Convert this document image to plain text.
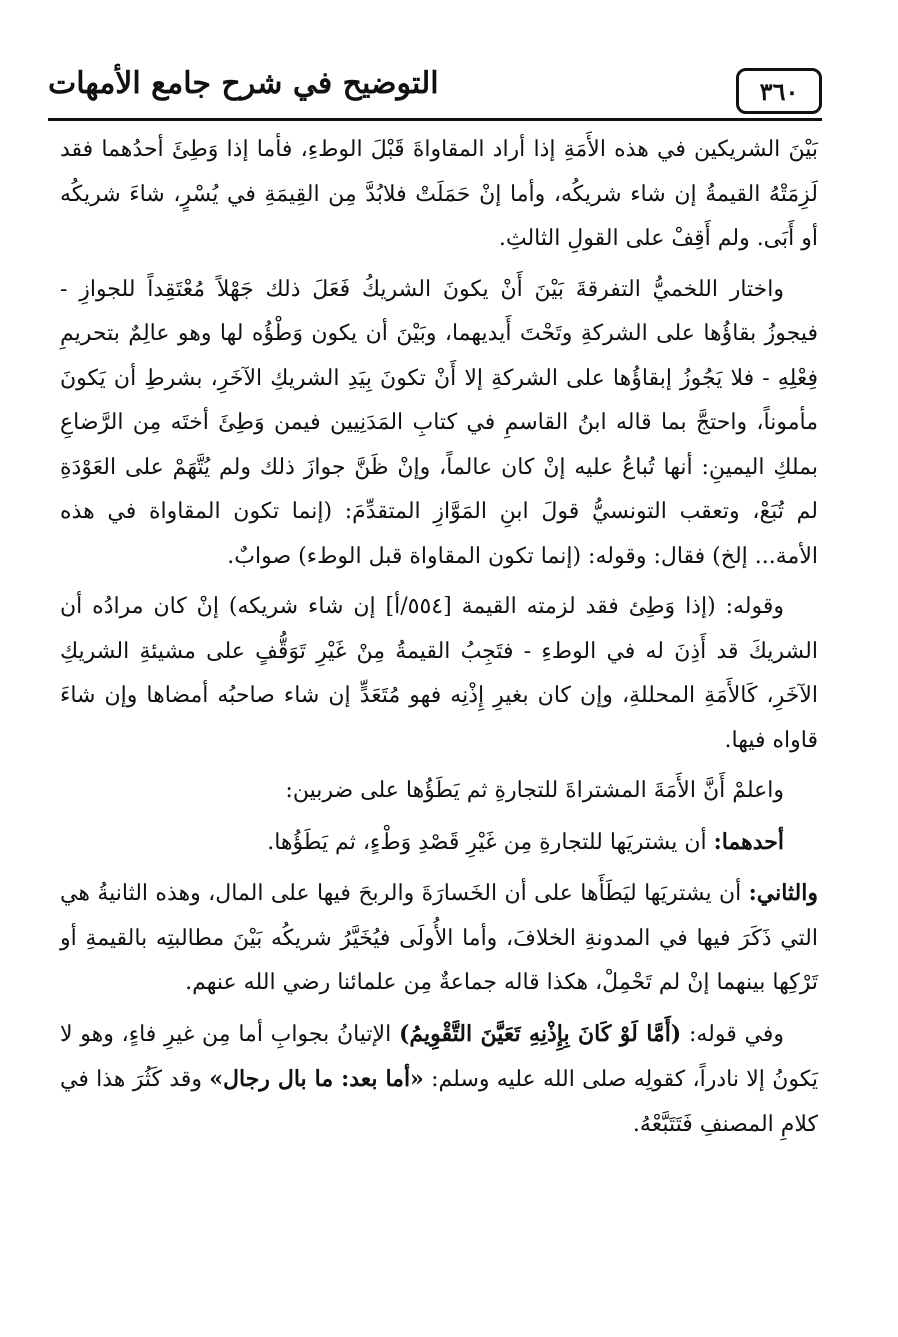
٣٦٠
التوضيح في شرح جامع الأمهات

بَيْنَ الشريكين في هذه الأَمَةِ إذا أراد المقاواةَ قَبْلَ الوطءِ، فأما إذا وَطِئَ أحدُهما فقد لَزِمَتْهُ القيمةُ إن شاء شريكُه، وأما إنْ حَمَلَتْ فلابُدَّ مِن القِيمَةِ في يُسْرٍ، شاءَ شريكُه أو أَبَى. ولم أَقِفْ على القولِ الثالثِ.

واختار اللخميُّ التفرقةَ بَيْنَ أَنْ يكونَ الشريكُ فَعَلَ ذلك جَهْلاً مُعْتَقِداً للجوازِ - فيجوزُ بقاؤُها على الشركةِ وتَحْتَ أَيديهما، وبَيْنَ أن يكون وَطْؤُه لها وهو عالِمٌ بتحريمِ فِعْلِهِ - فلا يَجُوزُ إبقاؤُها على الشركةِ إلا أَنْ تكونَ بِيَدِ الشريكِ الآخَرِ، بشرطِ أن يَكونَ مأموناً، واحتجَّ بما قاله ابنُ القاسمِ في كتابِ المَدَنِيين فيمن وَطِئَ أختَه مِن الرَّضاعِ بملكِ اليمينِ: أنها تُباعُ عليه إنْ كان عالماً، وإنْ ظَنَّ جوازَ ذلك ولم يُتَّهَمْ على العَوْدَةِ لم تُبَعْ، وتعقب التونسيُّ قولَ ابنِ المَوَّازِ المتقدِّمَ: (إنما تكون المقاواة في هذه الأمة... إلخ) فقال: وقوله: (إنما تكون المقاواة قبل الوطء) صوابٌ.

وقوله: (إذا وَطِئ فقد لزمته القيمة [٥٥٤/أ] إن شاء شريكه) إنْ كان مرادُه أن الشريكَ قد أَذِنَ له في الوطءِ - فتَجِبُ القيمةُ مِنْ غَيْرِ تَوَقُّفٍ على مشيئةِ الشريكِ الآخَرِ، كَالأَمَةِ المحللةِ، وإن كان بغيرِ إِذْنِه فهو مُتَعَدٍّ إن شاء صاحبُه أمضاها وإن شاءَ قاواه فيها.

واعلمْ أَنَّ الأَمَةَ المشتراةَ للتجارةِ ثم يَطَؤُها على ضربين:

أحدهما: أن يشتريَها للتجارةِ مِن غَيْرِ قَصْدِ وَطْءٍ، ثم يَطَؤُها.

والثاني: أن يشتريَها ليَطَأَها على أن الخَسارَةَ والربحَ فيها على المال، وهذه الثانيةُ هي التي ذَكَرَ فيها في المدونةِ الخلافَ، وأما الأُولَى فيُخَيَّرُ شريكُه بَيْنَ مطالبتِه بالقيمةِ أو تَرْكِها بينهما إنْ لم تَحْمِلْ، هكذا قاله جماعةٌ مِن علمائنا رضي الله عنهم.

وفي قوله: (أَمَّا لَوْ كَانَ بِإِذْنِهِ تَعَيَّنَ التَّقْوِيمُ) الإتيانُ بجوابِ أما مِن غيرِ فاءٍ، وهو لا يَكونُ إلا نادراً، كقولِه صلى الله عليه وسلم: «أما بعد: ما بال رجال» وقد كَثُرَ هذا في كلامِ المصنفِ فَتَتَبَّعْهُ.
